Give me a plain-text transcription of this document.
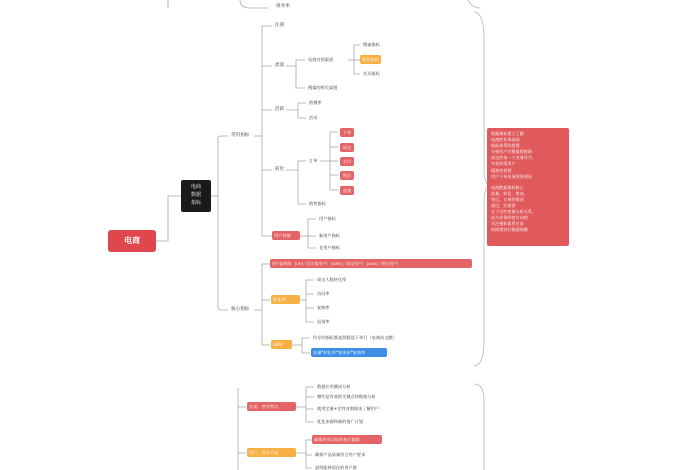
排务率
电商
电商
数据
指标
常用指标
注册
流量
电商对的渠道
搜索指标
推荐指标
首页指标
搜索的相关渠道
活跃
热搜率
活动
转化
订单
下单
成交
支付
售后
退货
销售指标
用户价值
用户指标
新用户指标
老用户指标
核心指标
用户流转路：[UV]（日访客用户） [GMV]（成交用户） [AOV]（单位用户）
转化率：
成交人数转化率
访问率
复购率
退货率
GMV
均专的指标都连续精选下单行（电商成交额）
流量*转化率*客单价*复购率
数据指标建立了解
电商的业务基础
指标体系的搭建
分析用户完整流程链路
成交的每一个业务环节，
有效获得用户
精准的营销
用户下单业务效果情况
电商数据指标核心
流量，转化，售前，
售后。订单的情况
通过，还需要
在于这些变量分析关系，
成为业务经营方向的
关注指标体系应该
持续建设好数据规模
交易，营业特点
数据应用测试分析
哪些是有效的关键点和数据分析
使用定量+定性对数据来了解用户
优化来源和新的推广计划
用户，营业产品
确保所有目标的执行跟踪
确保产品质量符合用户要求
最终能够留住的用户群
